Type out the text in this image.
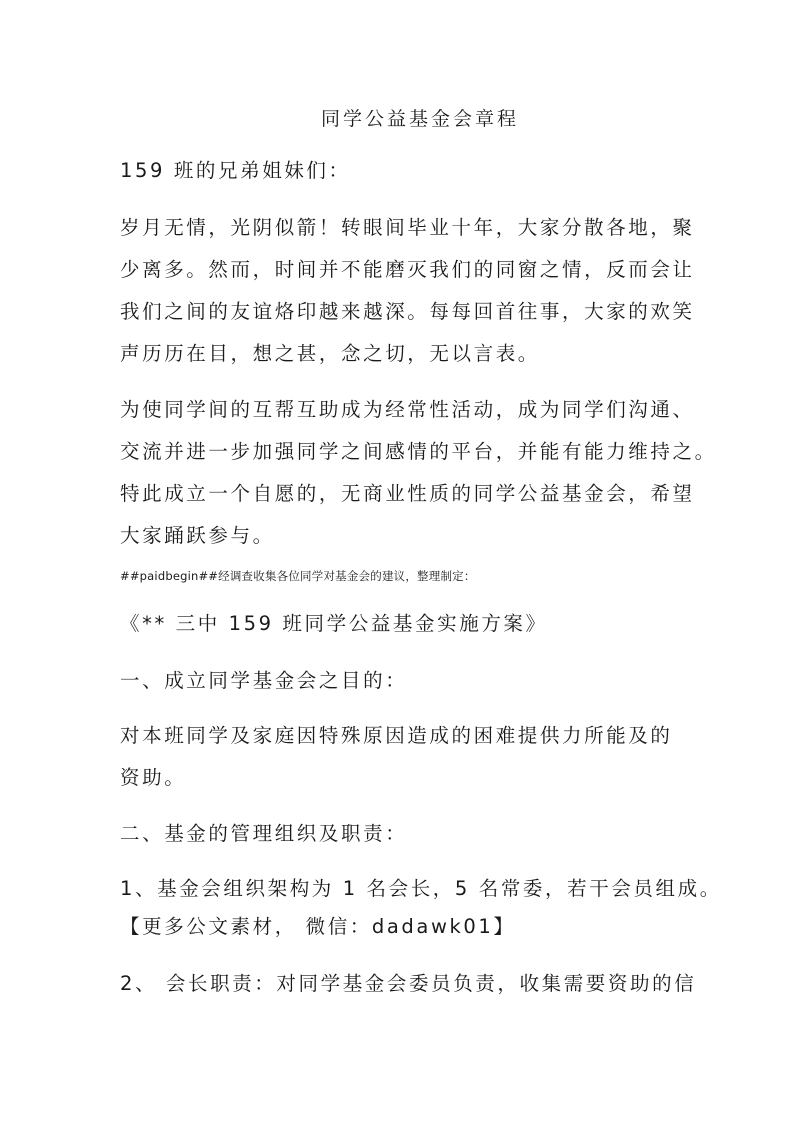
同学公益基金会章程
159 班的兄弟姐妹们：
岁月无情，光阴似箭！转眼间毕业十年，大家分散各地，聚
少离多。然而，时间并不能磨灭我们的同窗之情，反而会让
我们之间的友谊烙印越来越深。每每回首往事，大家的欢笑
声历历在目，想之甚，念之切，无以言表。
为使同学间的互帮互助成为经常性活动，成为同学们沟通、
交流并进一步加强同学之间感情的平台，并能有能力维持之。
特此成立一个自愿的，无商业性质的同学公益基金会，希望
大家踊跃参与。
##paidbegin##经调查收集各位同学对基金会的建议，整理制定：
《** 三中 159 班同学公益基金实施方案》
一、成立同学基金会之目的：
对本班同学及家庭因特殊原因造成的困难提供力所能及的
资助。
二、基金的管理组织及职责：
1、基金会组织架构为 1 名会长，5 名常委，若干会员组成。
【更多公文素材， 微信：dadawk01】
2、 会长职责：对同学基金会委员负责，收集需要资助的信
